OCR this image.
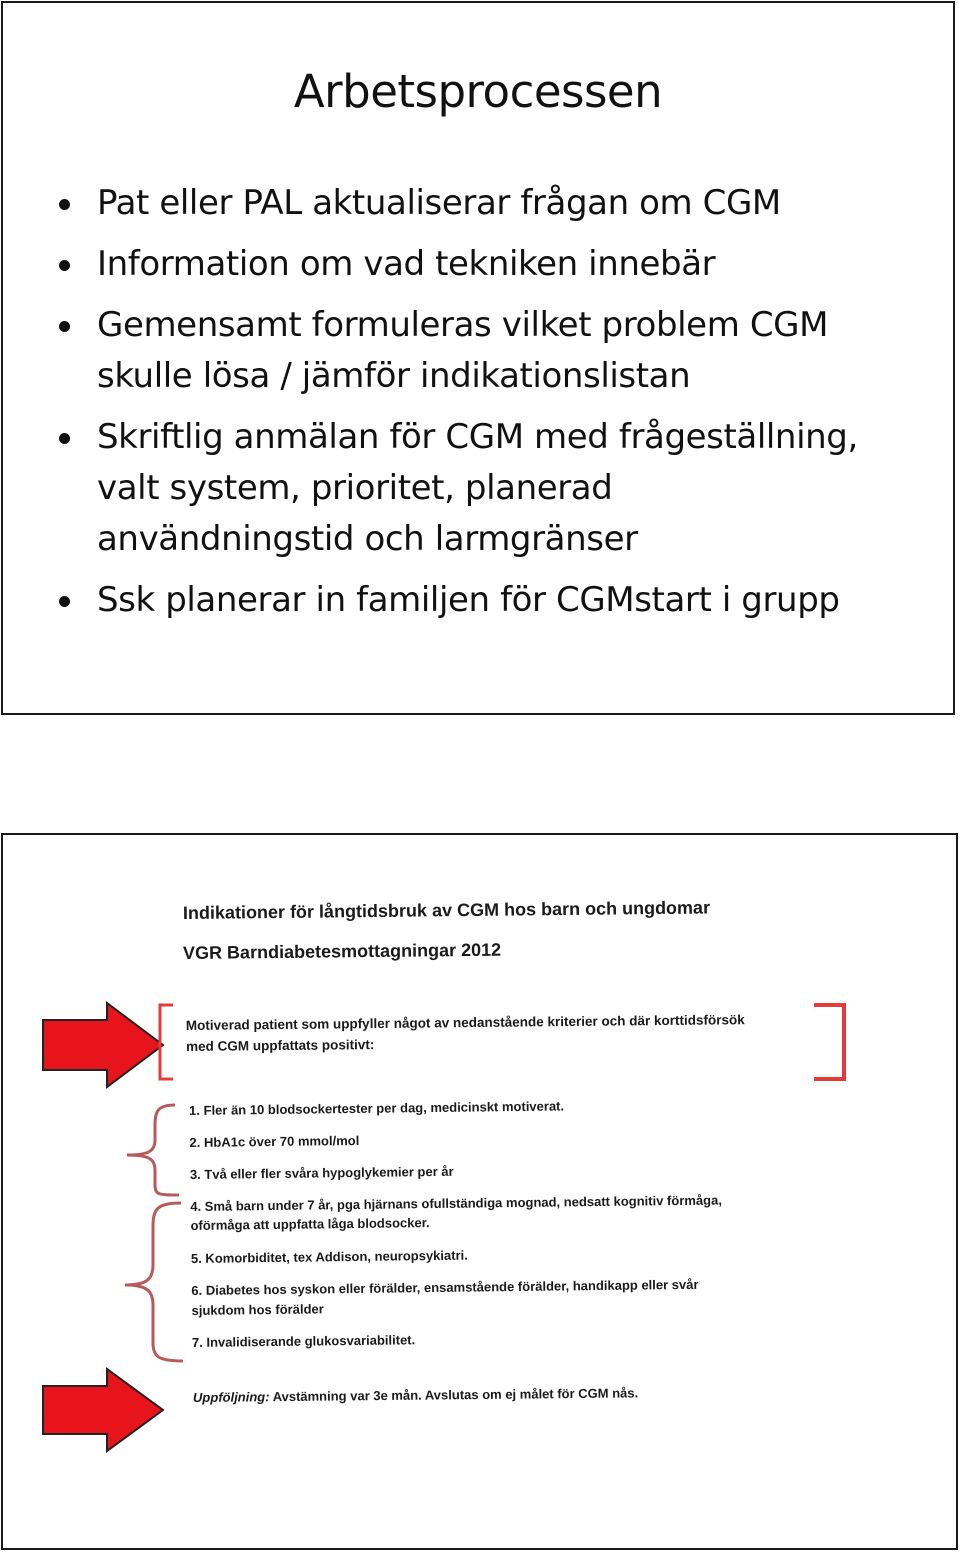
Arbetsprocessen
Pat eller PAL aktualiserar frågan om CGM
Information om vad tekniken innebär
Gemensamt formuleras vilket problem CGM
skulle lösa / jämför indikationslistan
Skriftlig anmälan för CGM med frågeställning,
valt system, prioritet, planerad
användningstid och larmgränser
Ssk planerar in familjen för CGMstart i grupp
Indikationer för långtidsbruk av CGM hos barn och ungdomar
VGR Barndiabetesmottagningar 2012
Motiverad patient som uppfyller något av nedanstående kriterier och där korttidsförsök
med CGM uppfattats positivt:
1. Fler än 10 blodsockertester per dag, medicinskt motiverat.
2. HbA1c över 70 mmol/mol
3. Två eller fler svåra hypoglykemier per år
4. Små barn under 7 år, pga hjärnans ofullständiga mognad, nedsatt kognitiv förmåga,
oförmåga att uppfatta låga blodsocker.
5. Komorbiditet, tex Addison, neuropsykiatri.
6. Diabetes hos syskon eller förälder, ensamstående förälder, handikapp eller svår
sjukdom hos förälder
7. Invalidiserande glukosvariabilitet.
Uppföljning: Avstämning var 3e mån. Avslutas om ej målet för CGM nås.
